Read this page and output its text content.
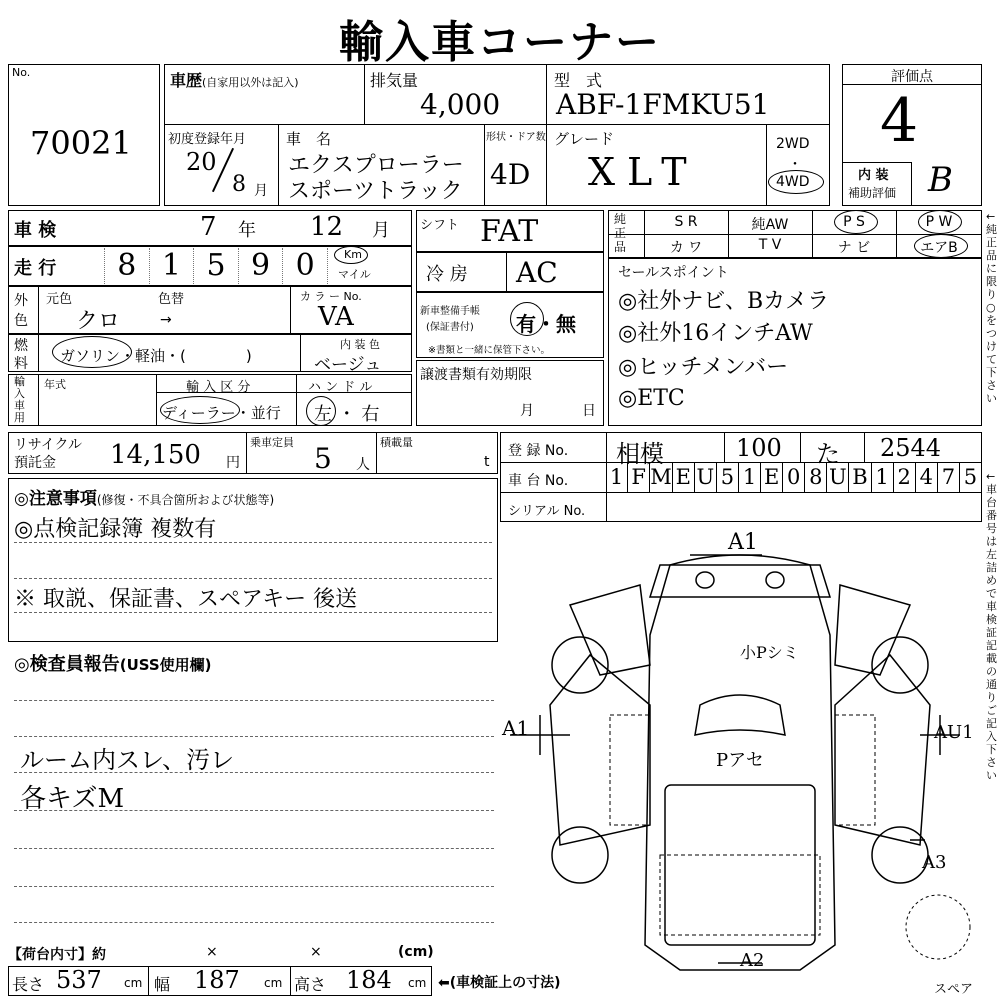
輸入車コーナー
No.
70021
車歴(自家用以外は記入)	排気量
4,000
型　式
ABF-1FMKU51
初度登録年月
20
8 月
車　名
エクスプローラー
スポーツトラック
形状・ドア数
4D
グレード
XLT
2WD
・
4WD
評価点
4
内 装
補助評価 B
車 検	7 年 12 月
走 行	8 1 5 9 0	Km
マイル
外
色
元色	色替
クロ	→
カ ラ ー No.
VA
燃
料 ガソリン・軽油・(　　　　)
内 装 色
ベージュ
輸入車用
年式	輸 入 区 分
ディーラー・並行
ハ ン ド ル
左 ・ 右
シフト FAT
冷 房 AC
新車整備手帳
(保証書付) 有・無
※書類と一緒に保管下さい。
譲渡書類有効期限
月	日
純正品
S R	純AW	P S	P W
カ ワ	T V	ナ ビ	エアB
セールスポイント
◎社外ナビ、Bカメラ
◎社外16インチAW
◎ヒッチメンバー
◎ETC
←純正品に限り○をつけて下さい
←車台番号は左詰めで車検証記載の通りご記入下さい
リサイクル
預託金 14,150 円
乗車定員 5 人
積載量
t
登 録 No. 相模	100 た 2544
車 台 No. 1 F M E U 5 1 E 0 8 U B 1 2 4 7 5
シリアル No.
◎注意事項(修復・不具合箇所および状態等)
◎点検記録簿 複数有
※ 取説、保証書、スペアキー 後送
◎検査員報告(USS使用欄)
ルーム内スレ、汚レ
各キズM
A1
小Pシミ
Pアセ
A1	AU1
A3
A2
【荷台内寸】約	×	×	(cm)
長さ 537 cm 幅 187 cm 高さ 184 cm ⬅(車検証上の寸法)	スペア
